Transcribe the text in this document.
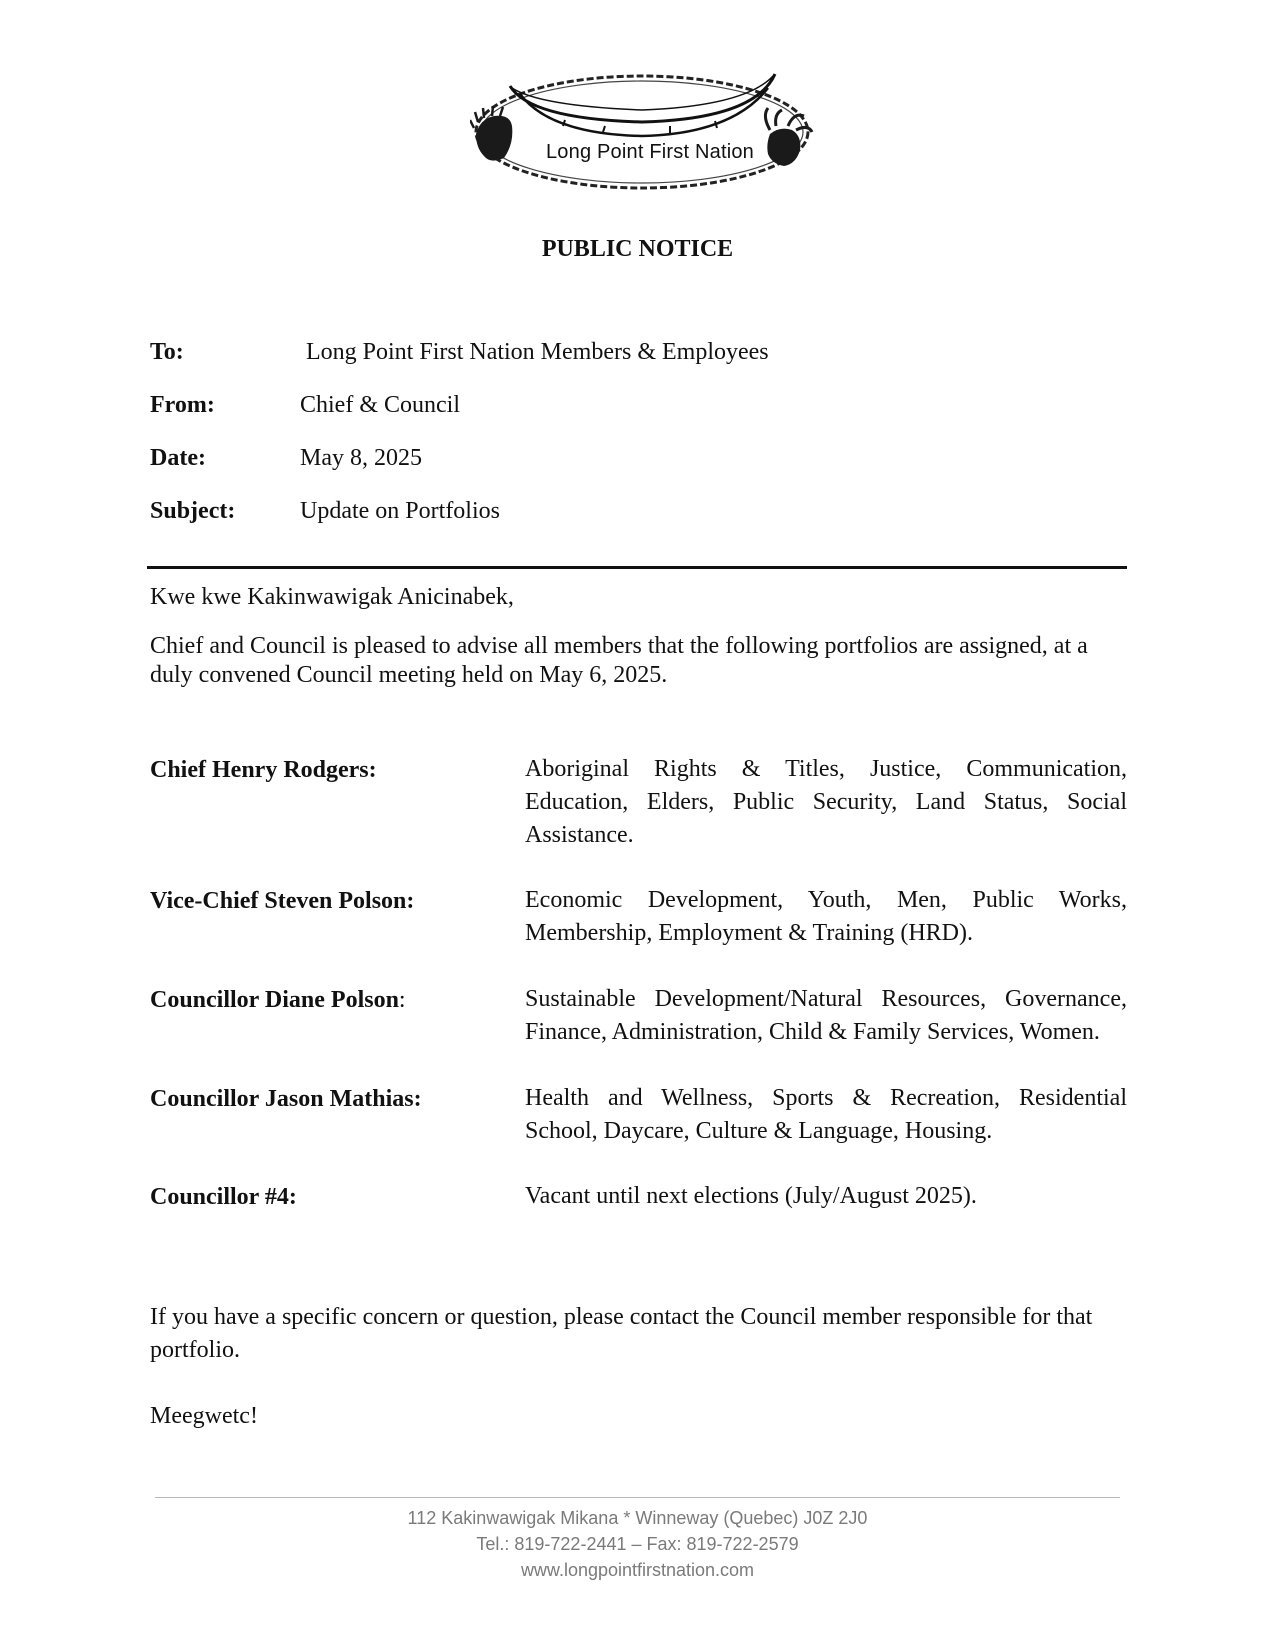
Long Point First Nation
PUBLIC NOTICE
To:	Long Point First Nation Members & Employees
From:	Chief & Council
Date:	May 8, 2025
Subject:	Update on Portfolios
Kwe kwe Kakinwawigak Anicinabek,
Chief and Council is pleased to advise all members that the following portfolios are assigned, at a duly convened Council meeting held on May 6, 2025.
Chief Henry Rodgers:	Aboriginal Rights & Titles, Justice, Communication, Education, Elders, Public Security, Land Status, Social Assistance.
Vice-Chief Steven Polson:	Economic Development, Youth, Men, Public Works, Membership, Employment & Training (HRD).
Councillor Diane Polson:	Sustainable Development/Natural Resources, Governance, Finance, Administration, Child & Family Services, Women.
Councillor Jason Mathias:	Health and Wellness, Sports & Recreation, Residential School, Daycare, Culture & Language, Housing.
Councillor #4:	Vacant until next elections (July/August 2025).
If you have a specific concern or question, please contact the Council member responsible for that portfolio.
Meegwetc!
112 Kakinwawigak Mikana * Winneway (Quebec) J0Z 2J0
Tel.: 819-722-2441 – Fax: 819-722-2579
www.longpointfirstnation.com
